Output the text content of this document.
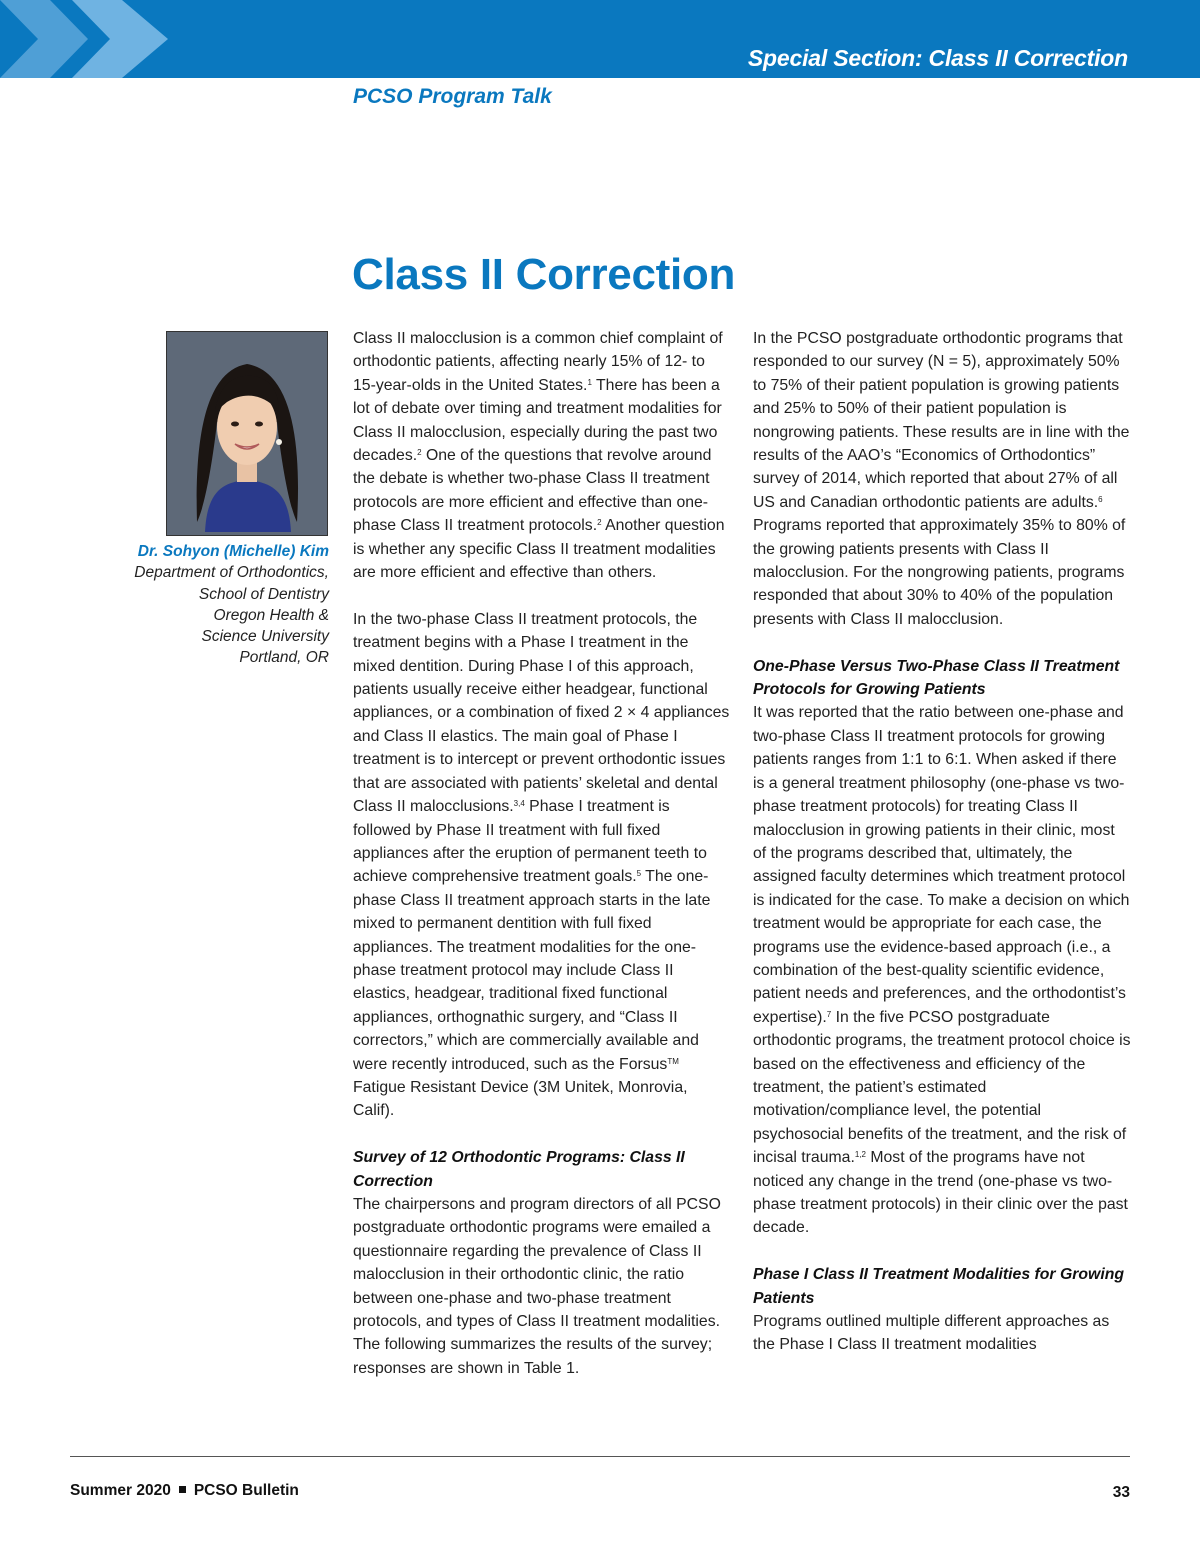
Special Section: Class II Correction
PCSO Program Talk
Class II Correction
Dr. Sohyon (Michelle) Kim
Department of Orthodontics,
School of Dentistry
Oregon Health &
Science University
Portland, OR

Class II malocclusion is a common chief complaint of orthodontic patients, affecting nearly 15% of 12- to 15-year-olds in the United States.$^1$ There has been a lot of debate over timing and treatment modalities for Class II malocclusion, especially during the past two decades.$^2$ One of the questions that revolve around the debate is whether two-phase Class II treatment protocols are more efficient and effective than one-phase Class II treatment protocols.$^2$ Another question is whether any specific Class II treatment modalities are more efficient and effective than others.

In the two-phase Class II treatment protocols, the treatment begins with a Phase I treatment in the mixed dentition. During Phase I of this approach, patients usually receive either headgear, functional appliances, or a combination of fixed 2 × 4 appliances and Class II elastics. The main goal of Phase I treatment is to intercept or prevent orthodontic issues that are associated with patients’ skeletal and dental Class II malocclusions.$^{3,4}$ Phase I treatment is followed by Phase II treatment with full fixed appliances after the eruption of permanent teeth to achieve comprehensive treatment goals.$^5$ The one-phase Class II treatment approach starts in the late mixed to permanent dentition with full fixed appliances. The treatment modalities for the one-phase treatment protocol may include Class II elastics, headgear, traditional fixed functional appliances, orthognathic surgery, and “Class II correctors,” which are commercially available and were recently introduced, such as the Forsus™ Fatigue Resistant Device (3M Unitek, Monrovia, Calif).

Survey of 12 Orthodontic Programs: Class II Correction

The chairpersons and program directors of all PCSO postgraduate orthodontic programs were emailed a questionnaire regarding the prevalence of Class II malocclusion in their orthodontic clinic, the ratio between one-phase and two-phase treatment protocols, and types of Class II treatment modalities. The following summarizes the results of the survey; responses are shown in Table 1.

In the PCSO postgraduate orthodontic programs that responded to our survey (N = 5), approximately 50% to 75% of their patient population is growing patients and 25% to 50% of their patient population is nongrowing patients. These results are in line with the results of the AAO’s “Economics of Orthodontics” survey of 2014, which reported that about 27% of all US and Canadian orthodontic patients are adults.$^6$ Programs reported that approximately 35% to 80% of the growing patients presents with Class II malocclusion. For the nongrowing patients, programs responded that about 30% to 40% of the population presents with Class II malocclusion.

One-Phase Versus Two-Phase Class II Treatment Protocols for Growing Patients

It was reported that the ratio between one-phase and two-phase Class II treatment protocols for growing patients ranges from 1:1 to 6:1. When asked if there is a general treatment philosophy (one-phase vs two-phase treatment protocols) for treating Class II malocclusion in growing patients in their clinic, most of the programs described that, ultimately, the assigned faculty determines which treatment protocol is indicated for the case. To make a decision on which treatment would be appropriate for each case, the programs use the evidence-based approach (i.e., a combination of the best-quality scientific evidence, patient needs and preferences, and the orthodontist’s expertise).$^7$ In the five PCSO postgraduate orthodontic programs, the treatment protocol choice is based on the effectiveness and efficiency of the treatment, the patient’s estimated motivation/compliance level, the potential psychosocial benefits of the treatment, and the risk of incisal trauma.$^{1,2}$ Most of the programs have not noticed any change in the trend (one-phase vs two-phase treatment protocols) in their clinic over the past decade.

Phase I Class II Treatment Modalities for Growing Patients

Programs outlined multiple different approaches as the Phase I Class II treatment modalities

Summer 2020 PCSO Bulletin	33
